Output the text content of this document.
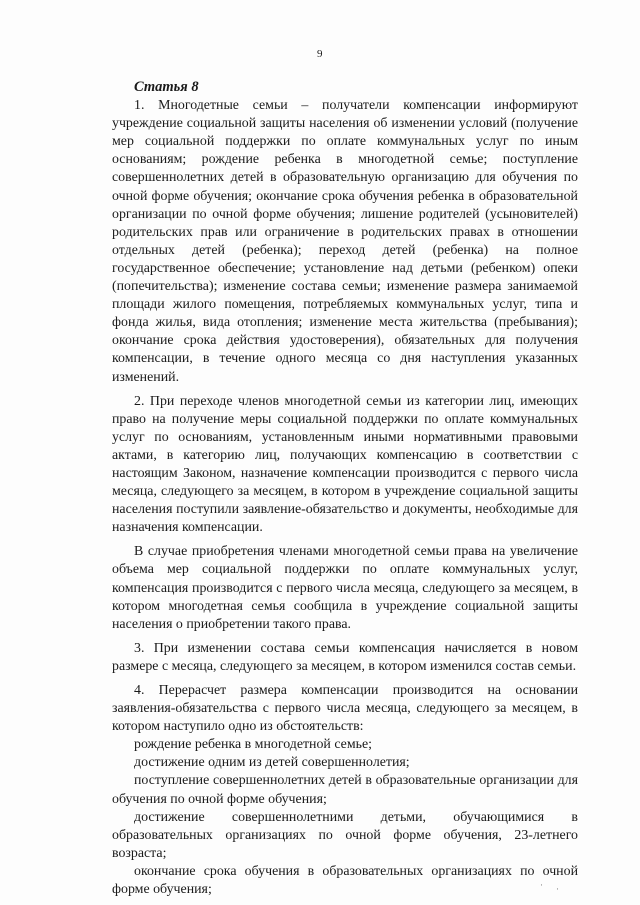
9
Статья 8

1. Многодетные семьи – получатели компенсации информируют учреждение социальной защиты населения об изменении условий (получение мер социальной поддержки по оплате коммунальных услуг по иным основаниям; рождение ребенка в многодетной семье; поступление совершеннолетних детей в образовательную организацию для обучения по очной форме обучения; окончание срока обучения ребенка в образовательной организации по очной форме обучения; лишение родителей (усыновителей) родительских прав или ограничение в родительских правах в отношении отдельных детей (ребенка); переход детей (ребенка) на полное государственное обеспечение; установление над детьми (ребенком) опеки (попечительства); изменение состава семьи; изменение размера занимаемой площади жилого помещения, потребляемых коммунальных услуг, типа и фонда жилья, вида отопления; изменение места жительства (пребывания); окончание срока действия удостоверения), обязательных для получения компенсации, в течение одного месяца со дня наступления указанных изменений.

2. При переходе членов многодетной семьи из категории лиц, имеющих право на получение меры социальной поддержки по оплате коммунальных услуг по основаниям, установленным иными нормативными правовыми актами, в категорию лиц, получающих компенсацию в соответствии с настоящим Законом, назначение компенсации производится с первого числа месяца, следующего за месяцем, в котором в учреждение социальной защиты населения поступили заявление-обязательство и документы, необходимые для назначения компенсации.

В случае приобретения членами многодетной семьи права на увеличение объема мер социальной поддержки по оплате коммунальных услуг, компенсация производится с первого числа месяца, следующего за месяцем, в котором многодетная семья сообщила в учреждение социальной защиты населения о приобретении такого права.

3. При изменении состава семьи компенсация начисляется в новом размере с месяца, следующего за месяцем, в котором изменился состав семьи.

4. Перерасчет размера компенсации производится на основании заявления-обязательства с первого числа месяца, следующего за месяцем, в котором наступило одно из обстоятельств:

рождение ребенка в многодетной семье;

достижение одним из детей совершеннолетия;

поступление совершеннолетних детей в образовательные организации для обучения по очной форме обучения;

достижение совершеннолетними детьми, обучающимися в образовательных организациях по очной форме обучения, 23-летнего возраста;

окончание срока обучения в образовательных организациях по очной форме обучения;	· ·
